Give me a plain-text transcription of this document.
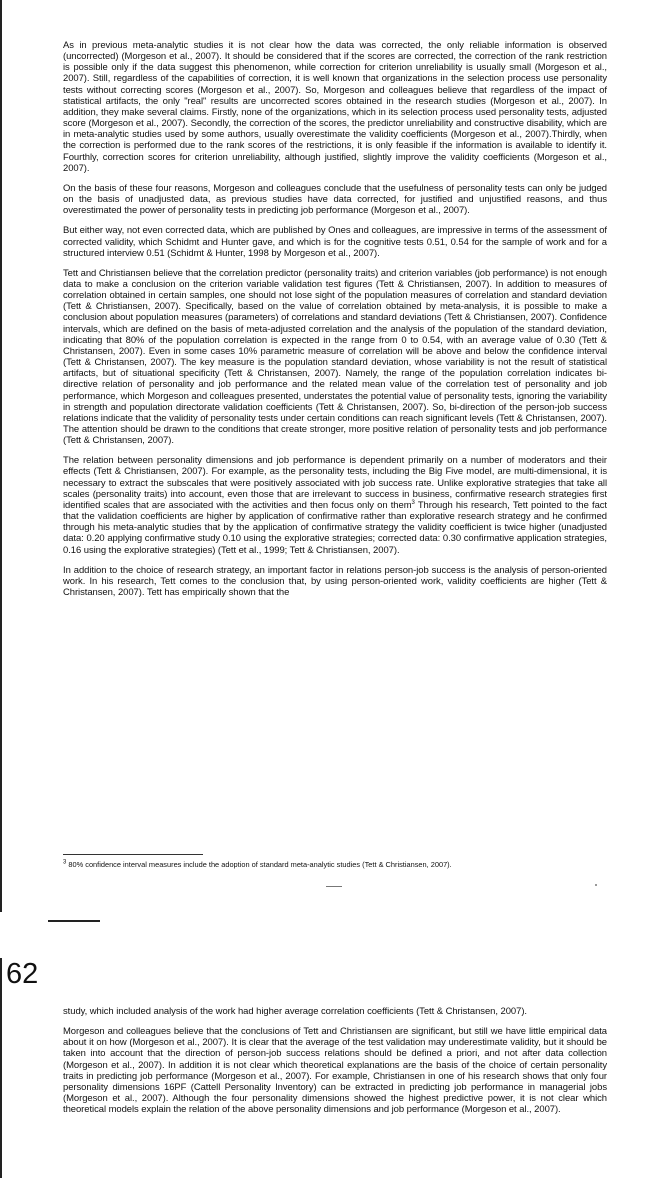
As in previous meta-analytic studies it is not clear how the data was corrected, the only reliable information is observed (uncorrected) (Morgeson et al., 2007). It should be considered that if the scores are corrected, the correction of the rank restriction is possible only if the data suggest this phenomenon, while correction for criterion unreliability is usually small (Morgeson et al., 2007). Still, regardless of the capabilities of correction, it is well known that organizations in the selection process use personality tests without correcting scores (Morgeson et al., 2007). So, Morgeson and colleagues believe that regardless of the impact of statistical artifacts, the only "real" results are uncorrected scores obtained in the research studies (Morgeson et al., 2007). In addition, they make several claims. Firstly, none of the organizations, which in its selection process used personality tests, adjusted score (Morgeson et al., 2007). Secondly, the correction of the scores, the predictor unreliability and constructive disability, which are in meta-analytic studies used by some authors, usually overestimate the validity coefficients (Morgeson et al., 2007).Thirdly, when the correction is performed due to the rank scores of the restrictions, it is only feasible if the information is available to identify it. Fourthly, correction scores for criterion unreliability, although justified, slightly improve the validity coefficients (Morgeson et al., 2007).

On the basis of these four reasons, Morgeson and colleagues conclude that the usefulness of personality tests can only be judged on the basis of unadjusted data, as previous studies have data corrected, for justified and unjustified reasons, and thus overestimated the power of personality tests in predicting job performance (Morgeson et al., 2007).

But either way, not even corrected data, which are published by Ones and colleagues, are impressive in terms of the assessment of corrected validity, which Schidmt and Hunter gave, and which is for the cognitive tests 0.51, 0.54 for the sample of work and for a structured interview 0.51 (Schidmt & Hunter, 1998 by Morgeson et al., 2007).

Tett and Christiansen believe that the correlation predictor (personality traits) and criterion variables (job performance) is not enough data to make a conclusion on the criterion variable validation test figures (Tett & Christiansen, 2007). In addition to measures of correlation obtained in certain samples, one should not lose sight of the population measures of correlation and standard deviation (Tett & Christiansen, 2007). Specifically, based on the value of correlation obtained by meta-analysis, it is possible to make a conclusion about population measures (parameters) of correlations and standard deviations (Tett & Christiansen, 2007). Confidence intervals, which are defined on the basis of meta-adjusted correlation and the analysis of the population of the standard deviation, indicating that 80% of the population correlation is expected in the range from 0 to 0.54, with an average value of 0.30 (Tett & Christansen, 2007). Even in some cases 10% parametric measure of correlation will be above and below the confidence interval (Tett & Christansen, 2007). The key measure is the population standard deviation, whose variability is not the result of statistical artifacts, but of situational specificity (Tett & Christansen, 2007). Namely, the range of the population correlation indicates bi-directive relation of personality and job performance and the related mean value of the correlation test of personality and job performance, which Morgeson and colleagues presented, understates the potential value of personality tests, ignoring the variability in strength and population directorate validation coefficients (Tett & Christansen, 2007). So, bi-direction of the person-job success relations indicate that the validity of personality tests under certain conditions can reach significant levels (Tett & Christansen, 2007). The attention should be drawn to the conditions that create stronger, more positive relation of personality tests and job performance (Tett & Christansen, 2007).

The relation between personality dimensions and job performance is dependent primarily on a number of moderators and their effects (Tett & Christiansen, 2007). For example, as the personality tests, including the Big Five model, are multi-dimensional, it is necessary to extract the subscales that were positively associated with job success rate. Unlike explorative strategies that take all scales (personality traits) into account, even those that are irrelevant to success in business, confirmative research strategies first identified scales that are associated with the activities and then focus only on them$^3$ Through his research, Tett pointed to the fact that the validation coefficients are higher by application of confirmative rather than explorative research strategy and he confirmed through his meta-analytic studies that by the application of confirmative strategy the validity coefficient is twice higher (unadjusted data: 0.20 applying confirmative study 0.10 using the explorative strategies; corrected data: 0.30 confirmative application strategies, 0.16 using the explorative strategies) (Tett et al., 1999; Tett & Christiansen, 2007).

In addition to the choice of research strategy, an important factor in relations person-job success is the analysis of person-oriented work. In his research, Tett comes to the conclusion that, by using person-oriented work, validity coefficients are higher (Tett & Christansen, 2007). Tett has empirically shown that the

$^3$ 80% confidence interval measures include the adoption of standard meta-analytic studies (Tett & Christiansen, 2007).
62

study, which included analysis of the work had higher average correlation coefficients (Tett & Christansen, 2007).

Morgeson and colleagues believe that the conclusions of Tett and Christiansen are significant, but still we have little empirical data about it on how (Morgeson et al., 2007). It is clear that the average of the test validation may underestimate validity, but it should be taken into account that the direction of person-job success relations should be defined a priori, and not after data collection (Morgeson et al., 2007). In addition it is not clear which theoretical explanations are the basis of the choice of certain personality traits in predicting job performance (Morgeson et al., 2007). For example, Christiansen in one of his research shows that only four personality dimensions 16PF (Cattell Personality Inventory) can be extracted in predicting job performance in managerial jobs (Morgeson et al., 2007). Although the four personality dimensions showed the highest predictive power, it is not clear which theoretical models explain the relation of the above personality dimensions and job performance (Morgeson et al., 2007).
